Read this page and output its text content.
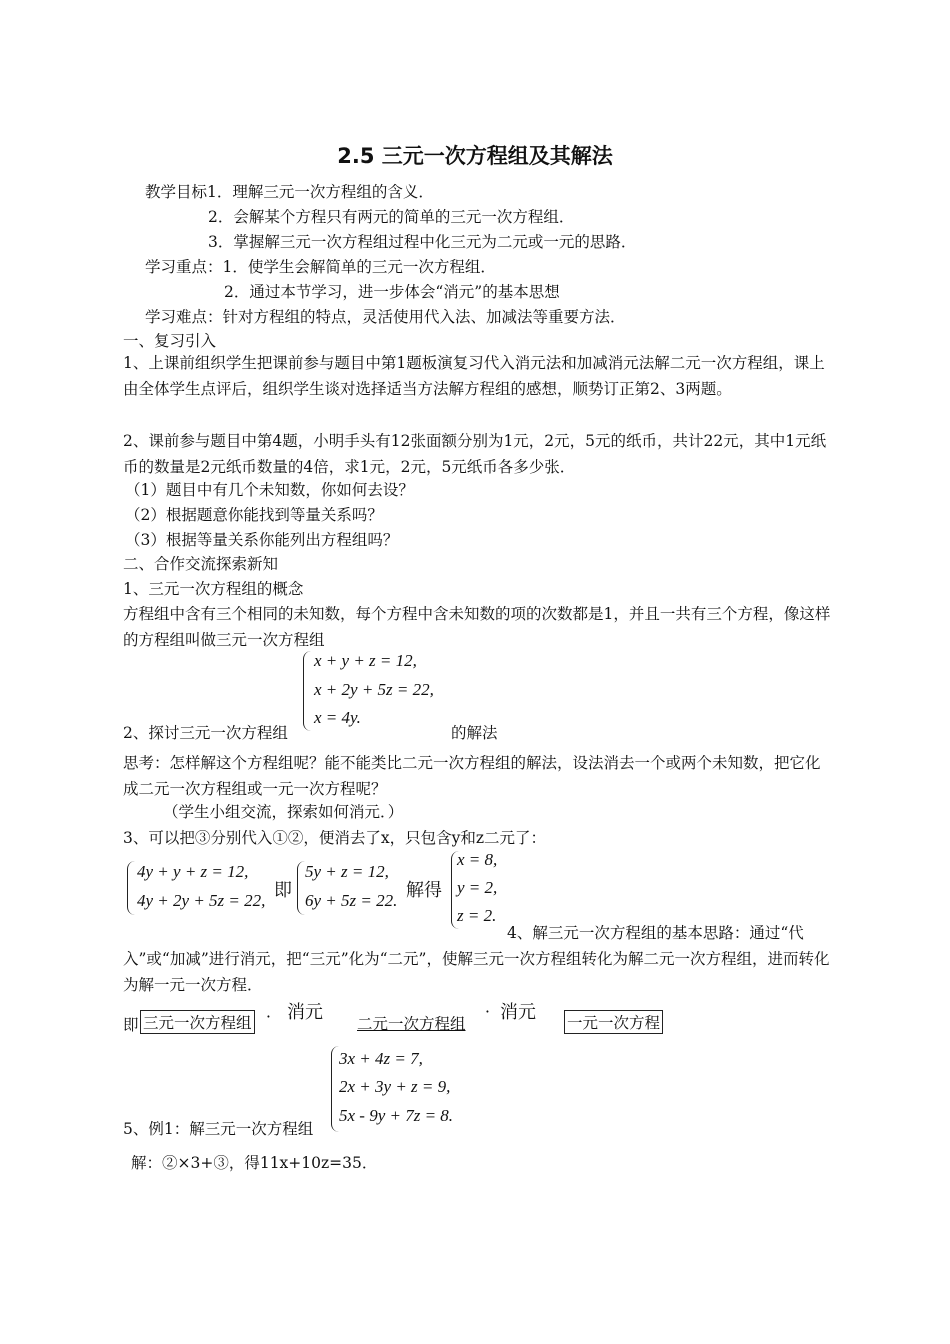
2.5 三元一次方程组及其解法
教学目标1．理解三元一次方程组的含义．
2．会解某个方程只有两元的简单的三元一次方程组．
3．掌握解三元一次方程组过程中化三元为二元或一元的思路．
学习重点：1．使学生会解简单的三元一次方程组．
2．通过本节学习，进一步体会“消元”的基本思想
学习难点：针对方程组的特点，灵活使用代入法、加减法等重要方法．
一、复习引入
1、上课前组织学生把课前参与题目中第1题板演复习代入消元法和加减消元法解二元一次方程组，课上由全体学生点评后，组织学生谈对选择适当方法解方程组的感想，顺势订正第2、3两题。
2、课前参与题目中第4题，小明手头有12张面额分别为1元，2元，5元的纸币，共计22元，其中1元纸币的数量是2元纸币数量的4倍，求1元，2元，5元纸币各多少张．
（1）题目中有几个未知数，你如何去设？
（2）根据题意你能找到等量关系吗？
（3）根据等量关系你能列出方程组吗？
二、合作交流探索新知
1、三元一次方程组的概念
方程组中含有三个相同的未知数，每个方程中含未知数的项的次数都是1，并且一共有三个方程，像这样的方程组叫做三元一次方程组
x + y + z = 12,
x + 2y + 5z = 22,
x = 4y.
2、探讨三元一次方程组	的解法
思考：怎样解这个方程组呢？能不能类比二元一次方程组的解法，设法消去一个或两个未知数，把它化成二元一次方程组或一元一次方程呢？
（学生小组交流，探索如何消元．）
3、可以把③分别代入①②，便消去了x，只包含y和z二元了：
4y + y + z = 12,
4y + 2y + 5z = 22, 即
5y + z = 12,
6y + 5z = 22. 解得
x = 8,
y = 2,
z = 2.
4、解三元一次方程组的基本思路：通过“代入”或“加减”进行消元，把“三元”化为“二元”，使解三元一次方程组转化为解二元一次方程组，进而转化为解一元一次方程．
即 三元一次方程组 · 消元
二元一次方程组
· 消元 一元一次方程
3x + 4z = 7,
2x + 3y + z = 9,
5x - 9y + 7z = 8.
5、例1：解三元一次方程组
解：②×3+③，得11x+10z=35．
